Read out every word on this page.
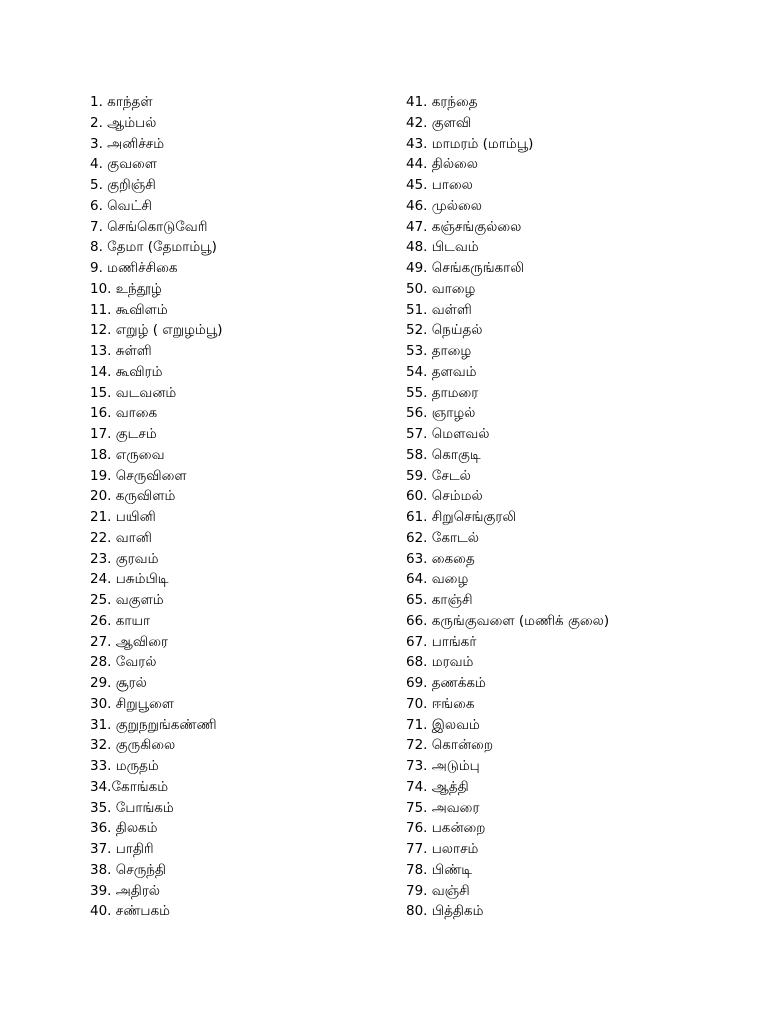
1. காந்தள்
2. ஆம்பல்
3. அனிச்சம்
4. குவளை
5. குறிஞ்சி
6. வெட்சி
7. செங்கொடுவேரி
8. தேமா (தேமாம்பூ)
9. மணிச்சிகை
10. உந்தூழ்
11. கூவிளம்
12. எறுழ் ( எறுழம்பூ)
13. சுள்ளி
14. கூவிரம்
15. வடவனம்
16. வாகை
17. குடசம்
18. எருவை
19. செருவிளை
20. கருவிளம்
21. பயினி
22. வானி
23. குரவம்
24. பசும்பிடி
25. வகுளம்
26. காயா
27. ஆவிரை
28. வேரல்
29. சூரல்
30. சிறுபூளை
31. குறுநறுங்கண்ணி
32. குருகிலை
33. மருதம்
34.கோங்கம்
35. போங்கம்
36. திலகம்
37. பாதிரி
38. செருந்தி
39. அதிரல்
40. சண்பகம்
41. கரந்தை
42. குளவி
43. மாமரம் (மாம்பூ)
44. தில்லை
45. பாலை
46. முல்லை
47. கஞ்சங்குல்லை
48. பிடவம்
49. செங்கருங்காலி
50. வாழை
51. வள்ளி
52. நெய்தல்
53. தாழை
54. தளவம்
55. தாமரை
56. ஞாழல்
57. மௌவல்
58. கொகுடி
59. சேடல்
60. செம்மல்
61. சிறுசெங்குரலி
62. கோடல்
63. கைதை
64. வழை
65. காஞ்சி
66. கருங்குவளை (மணிக் குலை)
67. பாங்கர்
68. மரவம்
69. தணக்கம்
70. ஈங்கை
71. இலவம்
72. கொன்றை
73. அடும்பு
74. ஆத்தி
75. அவரை
76. பகன்றை
77. பலாசம்
78. பிண்டி
79. வஞ்சி
80. பித்திகம்
